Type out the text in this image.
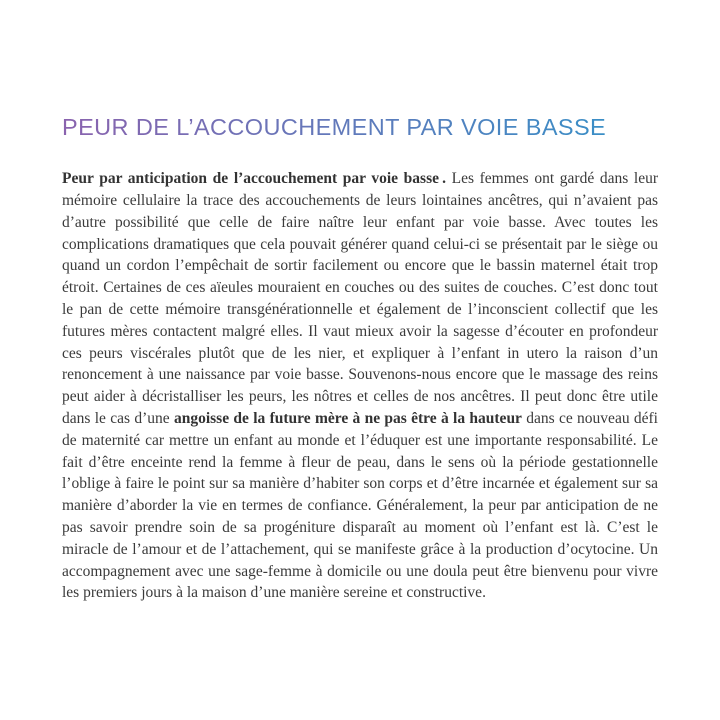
PEUR DE L’ACCOUCHEMENT PAR VOIE BASSE

Peur par anticipation de l’accouchement par voie basse . Les femmes ont gardé dans leur mémoire cellulaire la trace des accouchements de leurs lointaines ancêtres, qui n’avaient pas d’autre possibilité que celle de faire naître leur enfant par voie basse. Avec toutes les complications dramatiques que cela pouvait générer quand celui-ci se présentait par le siège ou quand un cordon l’empêchait de sortir facilement ou encore que le bassin maternel était trop étroit. Certaines de ces aïeules mouraient en couches ou des suites de couches. C’est donc tout le pan de cette mémoire transgénérationnelle et également de l’inconscient collectif que les futures mères contactent malgré elles. Il vaut mieux avoir la sagesse d’écouter en profondeur ces peurs viscérales plutôt que de les nier, et expliquer à l’enfant in utero la raison d’un renoncement à une naissance par voie basse. Souvenons-nous encore que le massage des reins peut aider à décristalliser les peurs, les nôtres et celles de nos ancêtres. Il peut donc être utile dans le cas d’une angoisse de la future mère à ne pas être à la hauteur dans ce nouveau défi de maternité car mettre un enfant au monde et l’éduquer est une importante responsabilité. Le fait d’être enceinte rend la femme à fleur de peau, dans le sens où la période gestationnelle l’oblige à faire le point sur sa manière d’habiter son corps et d’être incarnée et également sur sa manière d’aborder la vie en termes de confiance. Généralement, la peur par anticipation de ne pas savoir prendre soin de sa progéniture disparaît au moment où l’enfant est là. C’est le miracle de l’amour et de l’attachement, qui se manifeste grâce à la production d’ocytocine. Un accompagnement avec une sage-femme à domicile ou une doula peut être bienvenu pour vivre les premiers jours à la maison d’une manière sereine et constructive.
